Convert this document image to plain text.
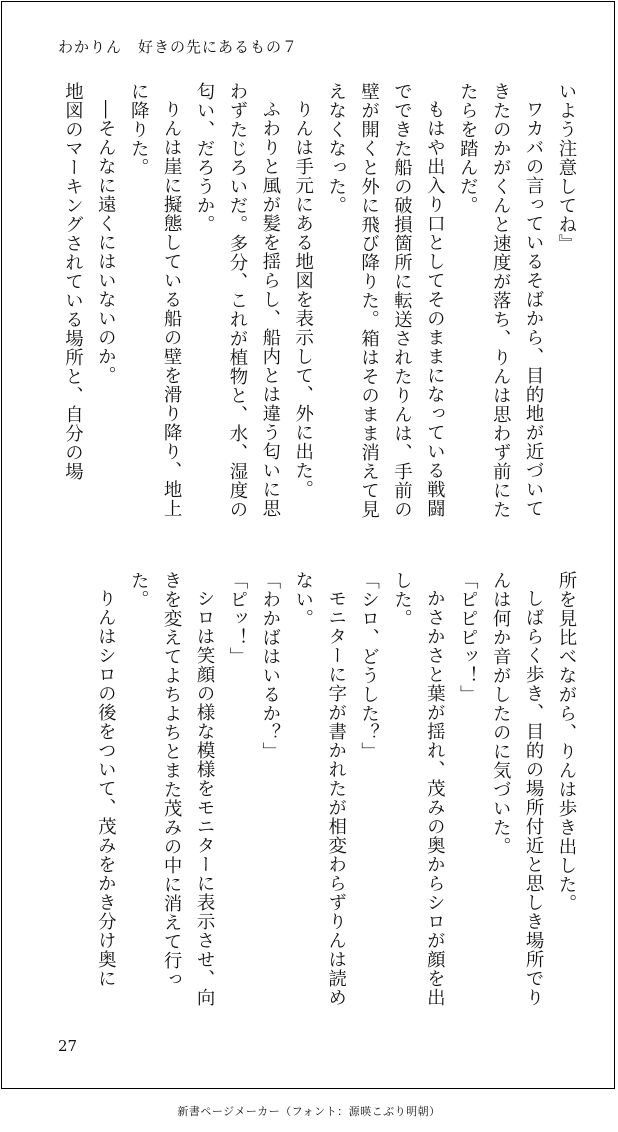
わかりん　好きの先にあるもの７

いよう注意してね』

ワカバの言っているそばから、目的地が近づいてきたのかがくんと速度が落ち、りんは思わず前にたたらを踏んだ。

もはや出入り口としてそのままになっている戦闘でできた船の破損箇所に転送されたりんは、手前の壁が開くと外に飛び降りた。箱はそのまま消えて見えなくなった。

りんは手元にある地図を表示して、外に出た。

ふわりと風が髪を揺らし、船内とは違う匂いに思わずたじろいだ。多分、これが植物と、水、湿度の匂い、だろうか。

りんは崖に擬態している船の壁を滑り降り、地上に降りた。

―そんなに遠くにはいないのか。

地図のマーキングされている場所と、自分の場

所を見比べながら、りんは歩き出した。

しばらく歩き、目的の場所付近と思しき場所でりんは何か音がしたのに気づいた。

「ピピピッ！」

かさかさと葉が揺れ、茂みの奥からシロが顔を出した。

「シロ、どうした？」

モニターに字が書かれたが相変わらずりんは読めない。

「わかばはいるか？」

「ピッ！」

シロは笑顔の様な模様をモニターに表示させ、向きを変えてよちよちとまた茂みの中に消えて行った。

りんはシロの後をついて、茂みをかき分け奥に

27
新書ページメーカー（フォント：源暎こぶり明朝）
